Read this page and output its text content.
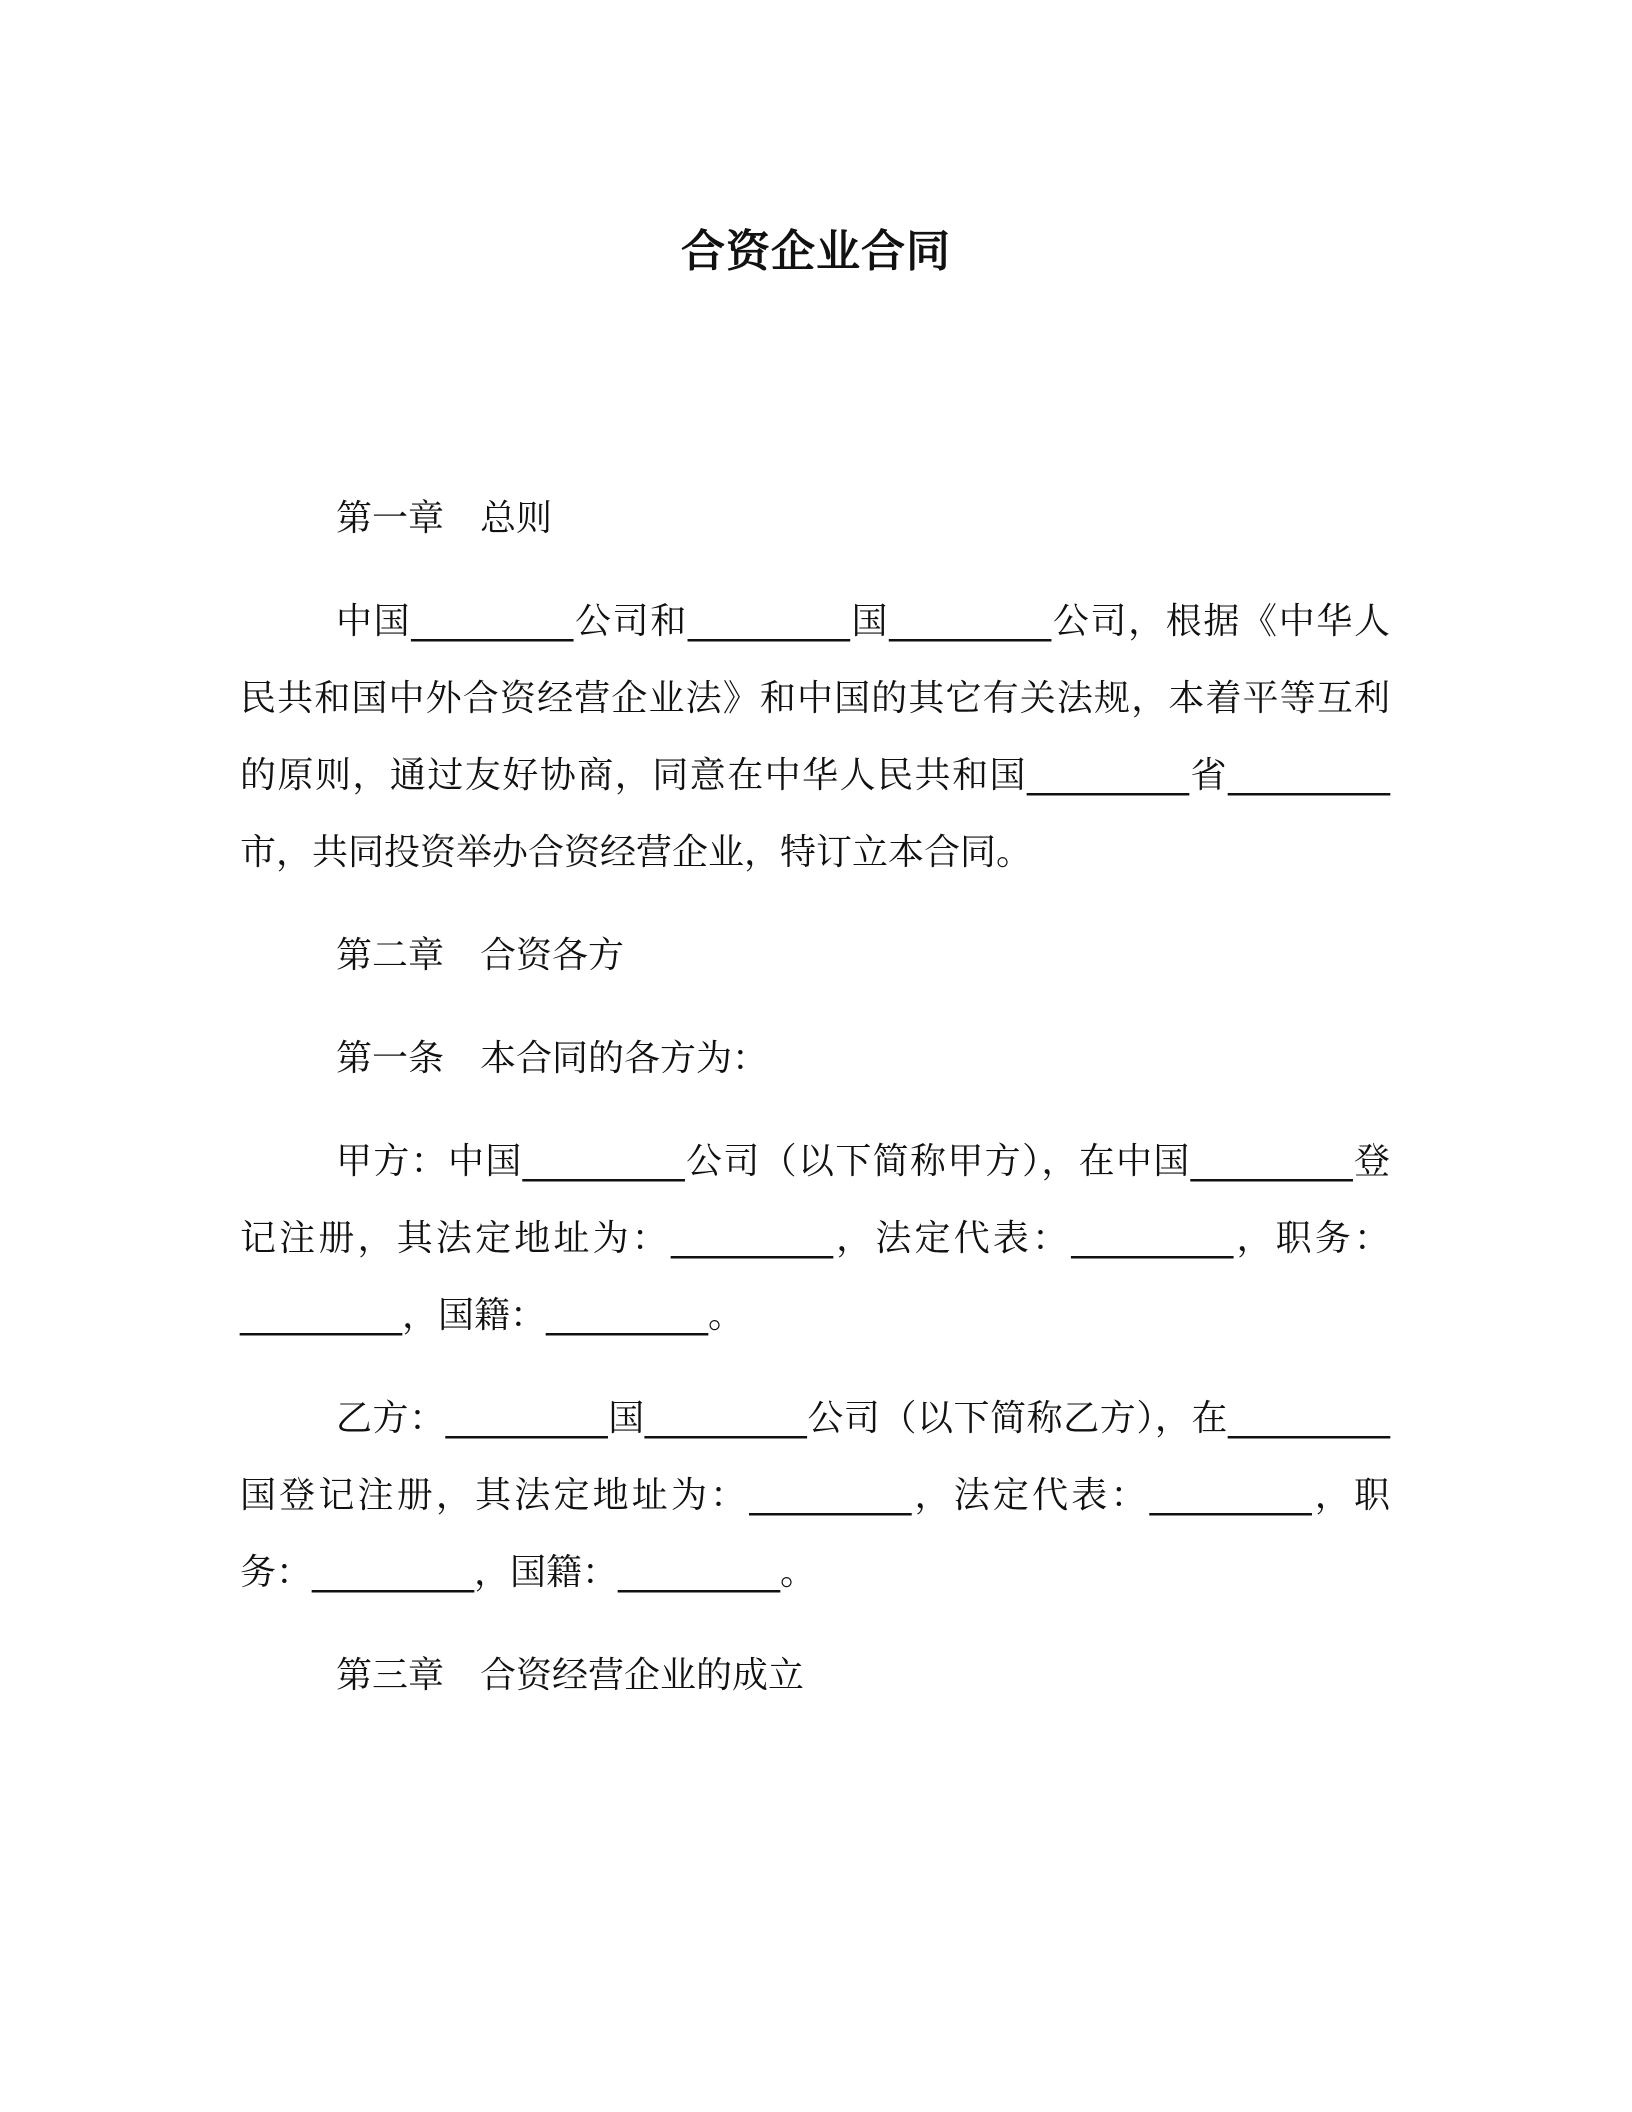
合资企业合同

第一章　总则

中国_________公司和_________国_________公司，根据《中华人民共和国中外合资经营企业法》和中国的其它有关法规，本着平等互利的原则，通过友好协商，同意在中华人民共和国_________省_________市，共同投资举办合资经营企业，特订立本合同。

第二章　合资各方

第一条　本合同的各方为：

甲方：中国_________公司（以下简称甲方），在中国_________登记注册，其法定地址为：_________，法定代表：_________，职务：_________，国籍：_________。

乙方：_________国_________公司（以下简称乙方），在_________国登记注册，其法定地址为：_________，法定代表：_________，职务：_________，国籍：_________。

第三章　合资经营企业的成立
